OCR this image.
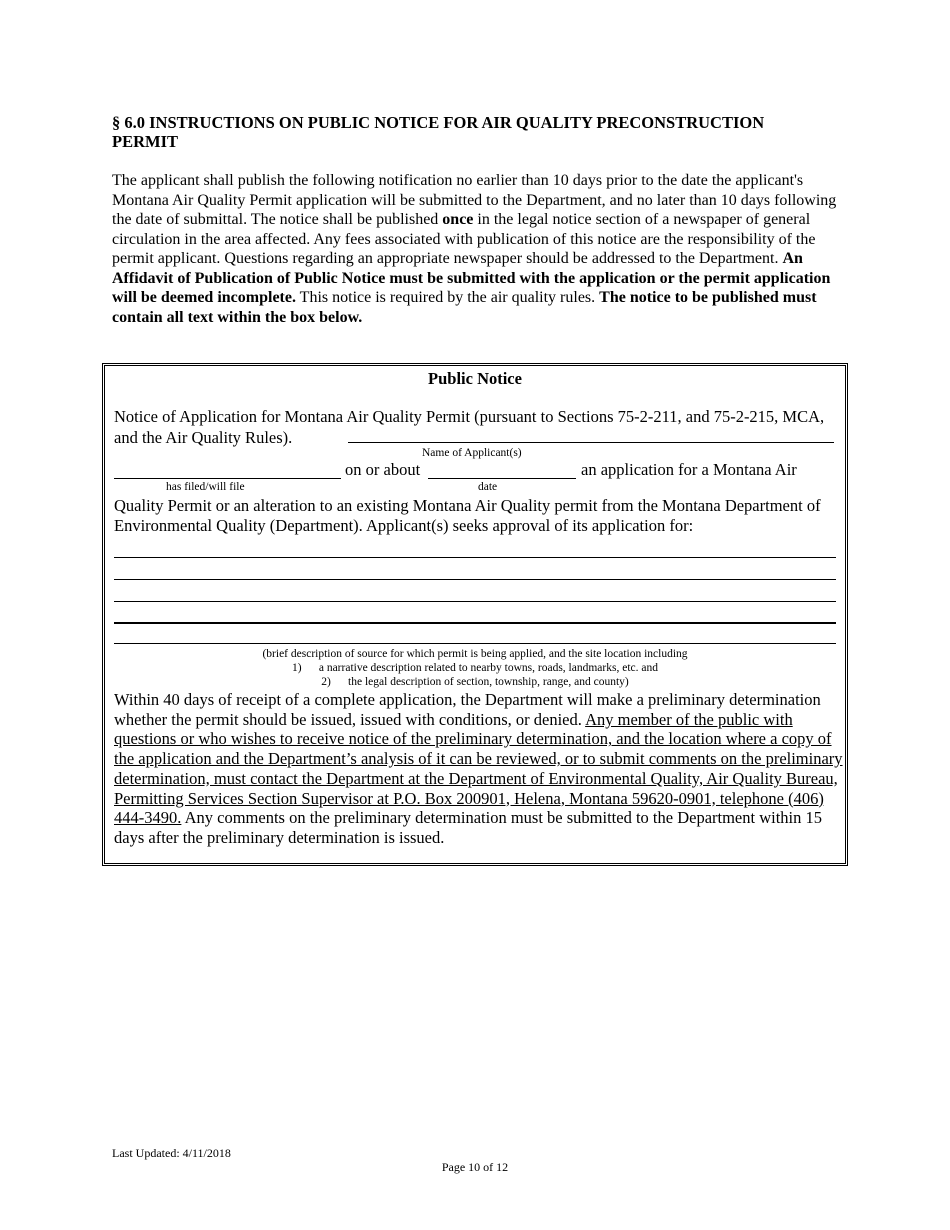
§ 6.0 INSTRUCTIONS ON PUBLIC NOTICE FOR AIR QUALITY PRECONSTRUCTION PERMIT
The applicant shall publish the following notification no earlier than 10 days prior to the date the applicant's Montana Air Quality Permit application will be submitted to the Department, and no later than 10 days following the date of submittal. The notice shall be published once in the legal notice section of a newspaper of general circulation in the area affected. Any fees associated with publication of this notice are the responsibility of the permit applicant. Questions regarding an appropriate newspaper should be addressed to the Department. An Affidavit of Publication of Public Notice must be submitted with the application or the permit application will be deemed incomplete. This notice is required by the air quality rules. The notice to be published must contain all text within the box below.
Public Notice
Notice of Application for Montana Air Quality Permit (pursuant to Sections 75-2-211, and 75-2-215, MCA, and the Air Quality Rules).
Name of Applicant(s)
on or about	an application for a Montana Air
has filed/will file	date
Quality Permit or an alteration to an existing Montana Air Quality permit from the Montana Department of Environmental Quality (Department). Applicant(s) seeks approval of its application for:
(brief description of source for which permit is being applied, and the site location including
1)      a narrative description related to nearby towns, roads, landmarks, etc. and
2)      the legal description of section, township, range, and county)
Within 40 days of receipt of a complete application, the Department will make a preliminary determination whether the permit should be issued, issued with conditions, or denied. Any member of the public with questions or who wishes to receive notice of the preliminary determination, and the location where a copy of the application and the Department’s analysis of it can be reviewed, or to submit comments on the preliminary determination, must contact the Department at the Department of Environmental Quality, Air Quality Bureau, Permitting Services Section Supervisor at P.O. Box 200901, Helena, Montana 59620-0901, telephone (406) 444-3490. Any comments on the preliminary determination must be submitted to the Department within 15 days after the preliminary determination is issued.
Last Updated: 4/11/2018
Page 10 of 12
